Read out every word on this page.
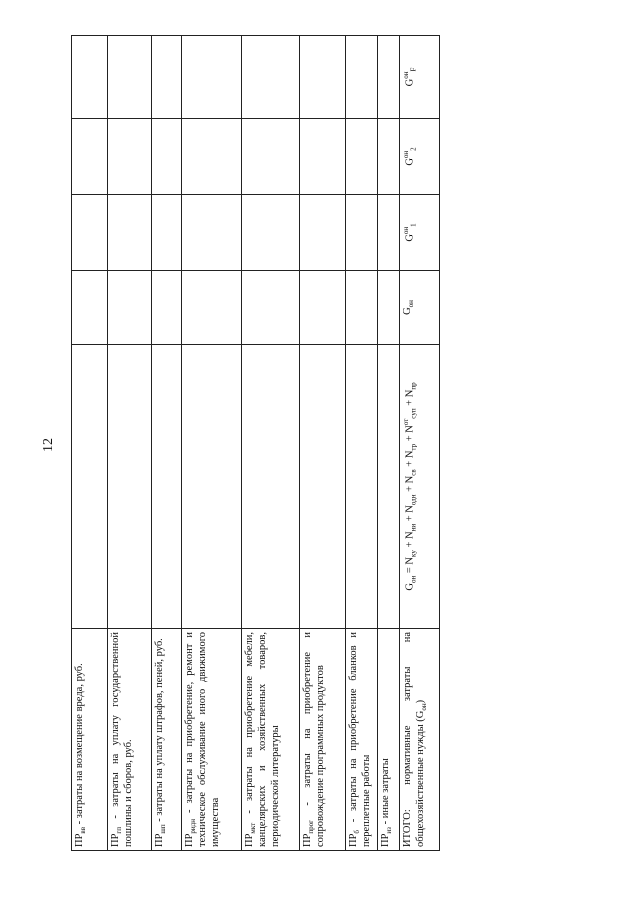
12
$ПР_{вв}$ - затраты на возмещение вреда, руб.					
$ПР_{гп}$ - затраты на уплату государственной пошлины и сборов, руб.					
$ПР_{шп}$ - затраты на уплату штрафов, пеней, руб.					
$ПР_{ридн}$ - затраты на приобретение, ремонт и техническое обслуживание иного движимого имущества					
$ПР_{мкт}$ - затраты на приобретение мебели, канцелярских и хозяйственных товаров, периодической литературы					
$ПР_{прог}$ - затраты на приобретение и сопровождение программных продуктов					
$ПР_б$ - затраты на приобретение бланков и переплетные работы					
$ПР_{из}$ - иные затраты					
ИТОГО: нормативные затраты на общехозяйственные нужды $(G_{он})$	$G_{он} = N_{ку} + N_{ни} + N_{одн} + N_{св} + N_{тр} + N^{от}_{суп} + N_{пр}$	$G_{он}$	$G^{он}_1$	$G^{он}_2$	$G^{он}_F$
